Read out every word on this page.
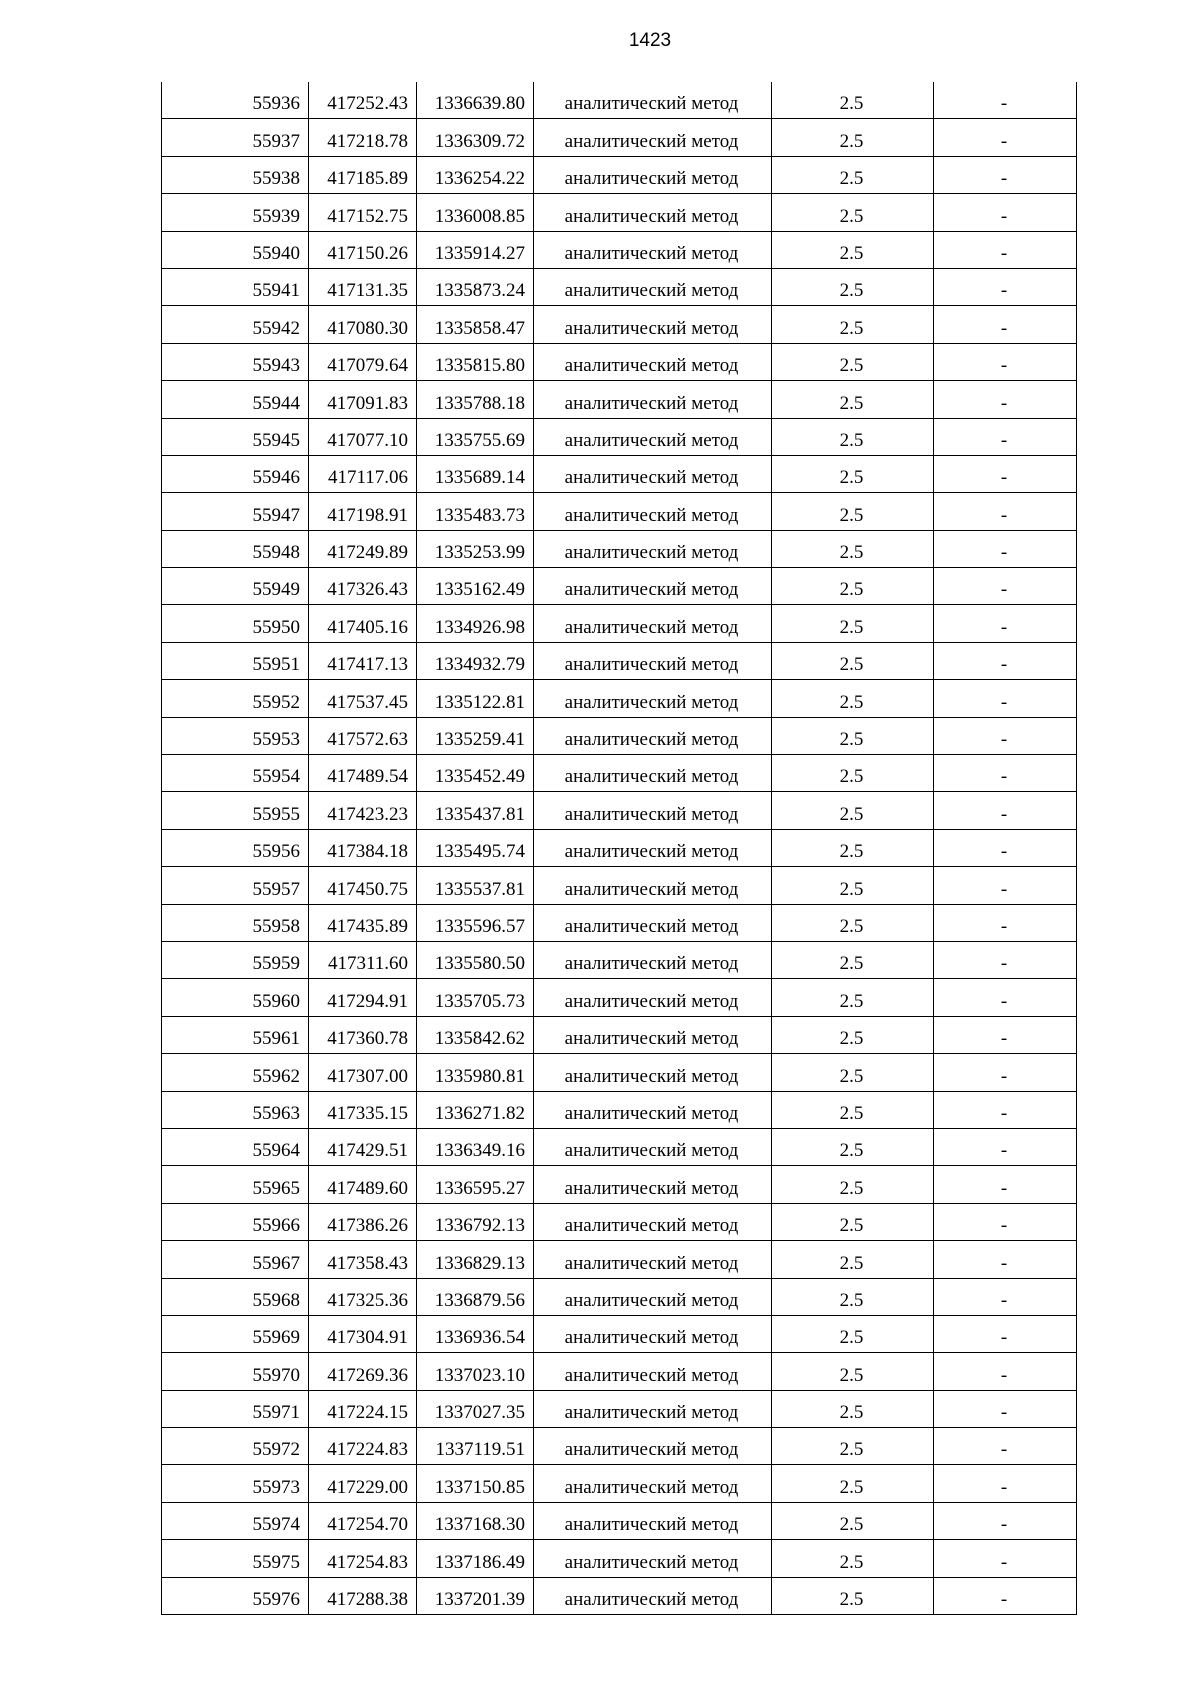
1423
55936	417252.43	1336639.80	аналитический метод	2.5	-
55937	417218.78	1336309.72	аналитический метод	2.5	-
55938	417185.89	1336254.22	аналитический метод	2.5	-
55939	417152.75	1336008.85	аналитический метод	2.5	-
55940	417150.26	1335914.27	аналитический метод	2.5	-
55941	417131.35	1335873.24	аналитический метод	2.5	-
55942	417080.30	1335858.47	аналитический метод	2.5	-
55943	417079.64	1335815.80	аналитический метод	2.5	-
55944	417091.83	1335788.18	аналитический метод	2.5	-
55945	417077.10	1335755.69	аналитический метод	2.5	-
55946	417117.06	1335689.14	аналитический метод	2.5	-
55947	417198.91	1335483.73	аналитический метод	2.5	-
55948	417249.89	1335253.99	аналитический метод	2.5	-
55949	417326.43	1335162.49	аналитический метод	2.5	-
55950	417405.16	1334926.98	аналитический метод	2.5	-
55951	417417.13	1334932.79	аналитический метод	2.5	-
55952	417537.45	1335122.81	аналитический метод	2.5	-
55953	417572.63	1335259.41	аналитический метод	2.5	-
55954	417489.54	1335452.49	аналитический метод	2.5	-
55955	417423.23	1335437.81	аналитический метод	2.5	-
55956	417384.18	1335495.74	аналитический метод	2.5	-
55957	417450.75	1335537.81	аналитический метод	2.5	-
55958	417435.89	1335596.57	аналитический метод	2.5	-
55959	417311.60	1335580.50	аналитический метод	2.5	-
55960	417294.91	1335705.73	аналитический метод	2.5	-
55961	417360.78	1335842.62	аналитический метод	2.5	-
55962	417307.00	1335980.81	аналитический метод	2.5	-
55963	417335.15	1336271.82	аналитический метод	2.5	-
55964	417429.51	1336349.16	аналитический метод	2.5	-
55965	417489.60	1336595.27	аналитический метод	2.5	-
55966	417386.26	1336792.13	аналитический метод	2.5	-
55967	417358.43	1336829.13	аналитический метод	2.5	-
55968	417325.36	1336879.56	аналитический метод	2.5	-
55969	417304.91	1336936.54	аналитический метод	2.5	-
55970	417269.36	1337023.10	аналитический метод	2.5	-
55971	417224.15	1337027.35	аналитический метод	2.5	-
55972	417224.83	1337119.51	аналитический метод	2.5	-
55973	417229.00	1337150.85	аналитический метод	2.5	-
55974	417254.70	1337168.30	аналитический метод	2.5	-
55975	417254.83	1337186.49	аналитический метод	2.5	-
55976	417288.38	1337201.39	аналитический метод	2.5	-
